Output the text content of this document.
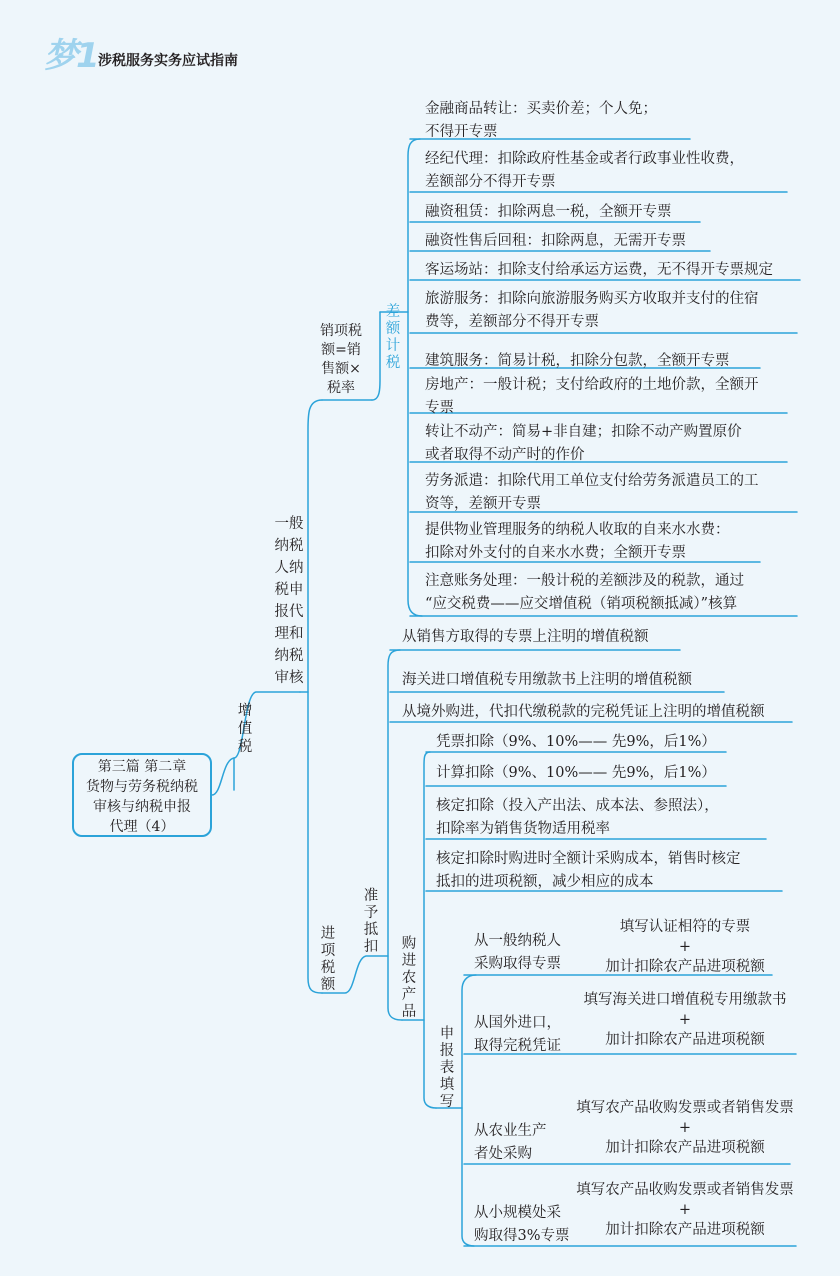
梦1 涉税服务实务应试指南
第三篇 第二章
货物与劳务税纳税
审核与纳税申报
代理（4）
增值税
一般纳税人纳税申报代理和纳税审核
销项税
额=销
售额×
税率
差额计税
金融商品转让：买卖价差；个人免；
不得开专票
经纪代理：扣除政府性基金或者行政事业性收费，
差额部分不得开专票
融资租赁：扣除两息一税，全额开专票
融资性售后回租：扣除两息，无需开专票
客运场站：扣除支付给承运方运费，无不得开专票规定
旅游服务：扣除向旅游服务购买方收取并支付的住宿
费等，差额部分不得开专票
建筑服务：简易计税，扣除分包款，全额开专票
房地产：一般计税；支付给政府的土地价款，全额开
专票
转让不动产：简易+非自建；扣除不动产购置原价
或者取得不动产时的作价
劳务派遣：扣除代用工单位支付给劳务派遣员工的工
资等，差额开专票
提供物业管理服务的纳税人收取的自来水水费：
扣除对外支付的自来水水费；全额开专票
注意账务处理：一般计税的差额涉及的税款，通过
“应交税费——应交增值税（销项税额抵减）”核算
进项税额
准予抵扣
从销售方取得的专票上注明的增值税额
海关进口增值税专用缴款书上注明的增值税额
从境外购进，代扣代缴税款的完税凭证上注明的增值税额
购进农产品
凭票扣除（9%、10%—— 先9%，后1%）
计算扣除（9%、10%—— 先9%，后1%）
核定扣除（投入产出法、成本法、参照法），
扣除率为销售货物适用税率
核定扣除时购进时全额计采购成本，销售时核定
抵扣的进项税额，减少相应的成本
申报表填写
从一般纳税人
采购取得专票
填写认证相符的专票
+
加计扣除农产品进项税额
从国外进口，
取得完税凭证
填写海关进口增值税专用缴款书
+
加计扣除农产品进项税额
从农业生产
者处采购
填写农产品收购发票或者销售发票
+
加计扣除农产品进项税额
从小规模处采
购取得3%专票
填写农产品收购发票或者销售发票
+
加计扣除农产品进项税额
